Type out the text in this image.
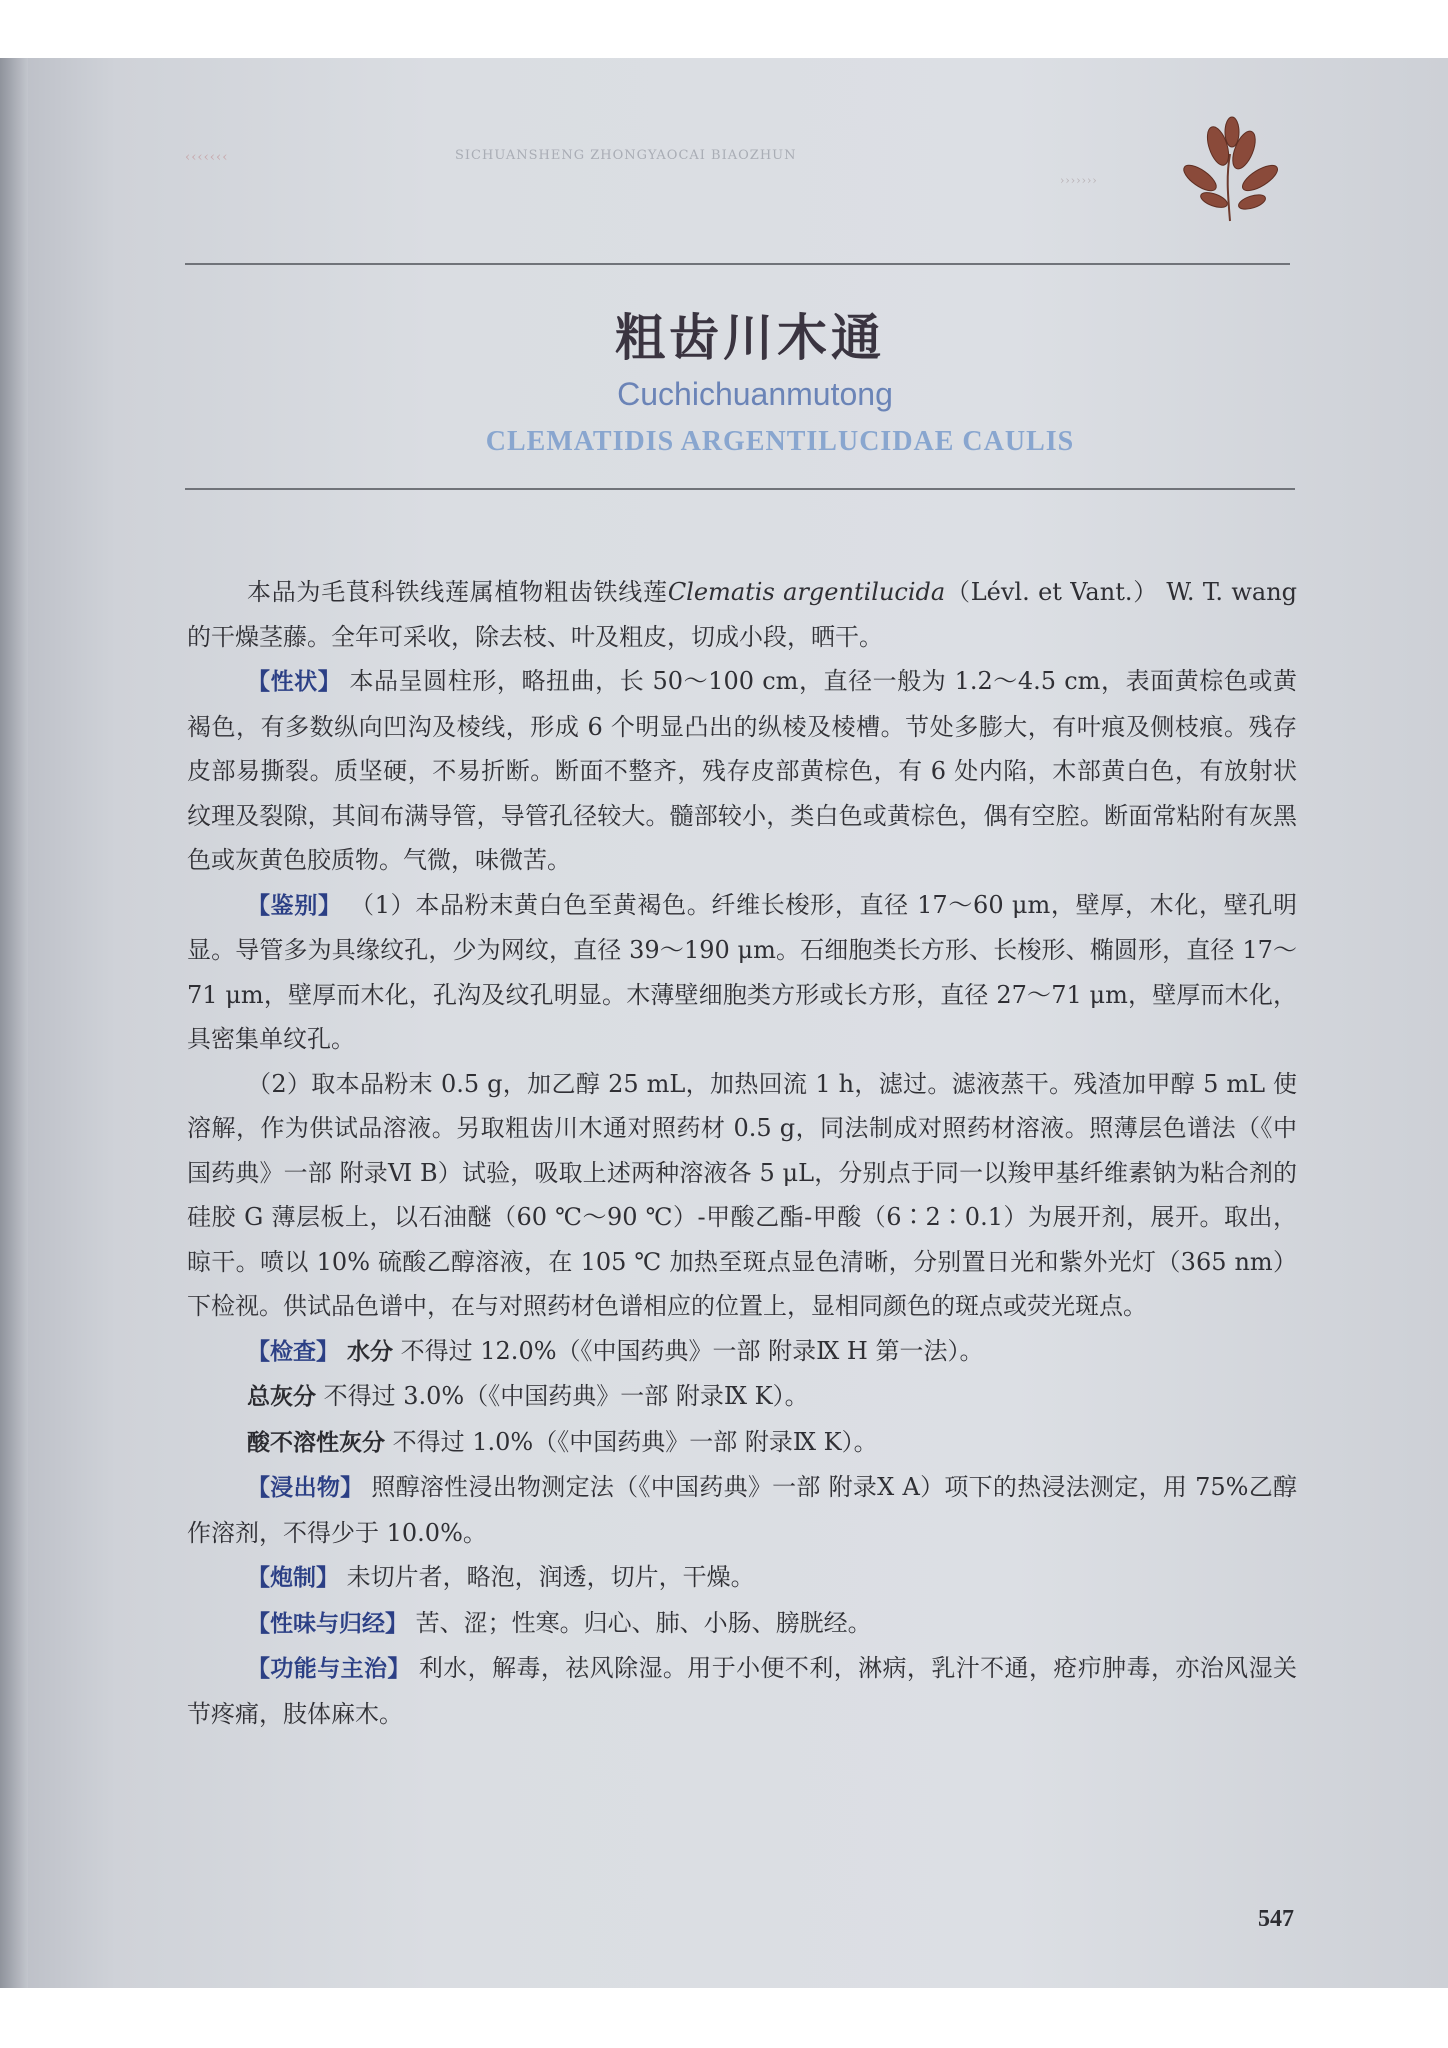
‹‹‹‹‹‹‹	SICHUANSHENG ZHONGYAOCAI BIAOZHUN
›››››››
粗齿川木通
Cuchichuanmutong
CLEMATIDIS ARGENTILUCIDAE CAULIS

本品为毛茛科铁线莲属植物粗齿铁线莲Clematis argentilucida（Lévl. et Vant.） W. T. wang的干燥茎藤。全年可采收，除去枝、叶及粗皮，切成小段，晒干。

【性状】 本品呈圆柱形，略扭曲，长 50～100 cm，直径一般为 1.2～4.5 cm，表面黄棕色或黄褐色，有多数纵向凹沟及棱线，形成 6 个明显凸出的纵棱及棱槽。节处多膨大，有叶痕及侧枝痕。残存皮部易撕裂。质坚硬，不易折断。断面不整齐，残存皮部黄棕色，有 6 处内陷，木部黄白色，有放射状纹理及裂隙，其间布满导管，导管孔径较大。髓部较小，类白色或黄棕色，偶有空腔。断面常粘附有灰黑色或灰黄色胶质物。气微，味微苦。

【鉴别】 （1）本品粉末黄白色至黄褐色。纤维长梭形，直径 17～60 μm，壁厚，木化，壁孔明显。导管多为具缘纹孔，少为网纹，直径 39～190 μm。石细胞类长方形、长梭形、椭圆形，直径 17～71 μm，壁厚而木化，孔沟及纹孔明显。木薄壁细胞类方形或长方形，直径 27～71 μm，壁厚而木化，具密集单纹孔。

（2）取本品粉末 0.5 g，加乙醇 25 mL，加热回流 1 h，滤过。滤液蒸干。残渣加甲醇 5 mL 使溶解，作为供试品溶液。另取粗齿川木通对照药材 0.5 g，同法制成对照药材溶液。照薄层色谱法（《中国药典》一部 附录Ⅵ B）试验，吸取上述两种溶液各 5 μL，分别点于同一以羧甲基纤维素钠为粘合剂的硅胶 G 薄层板上，以石油醚（60 ℃～90 ℃）-甲酸乙酯-甲酸（6∶2∶0.1）为展开剂，展开。取出，晾干。喷以 10% 硫酸乙醇溶液，在 105 ℃ 加热至斑点显色清晰，分别置日光和紫外光灯（365 nm）下检视。供试品色谱中，在与对照药材色谱相应的位置上，显相同颜色的斑点或荧光斑点。

【检查】 水分 不得过 12.0%（《中国药典》一部 附录Ⅸ H 第一法）。

总灰分 不得过 3.0%（《中国药典》一部 附录Ⅸ K）。

酸不溶性灰分 不得过 1.0%（《中国药典》一部 附录Ⅸ K）。

【浸出物】 照醇溶性浸出物测定法（《中国药典》一部 附录Ⅹ A）项下的热浸法测定，用 75%乙醇作溶剂，不得少于 10.0%。

【炮制】 未切片者，略泡，润透，切片，干燥。

【性味与归经】 苦、涩；性寒。归心、肺、小肠、膀胱经。

【功能与主治】 利水，解毒，祛风除湿。用于小便不利，淋病，乳汁不通，疮疖肿毒，亦治风湿关节疼痛，肢体麻木。

547
